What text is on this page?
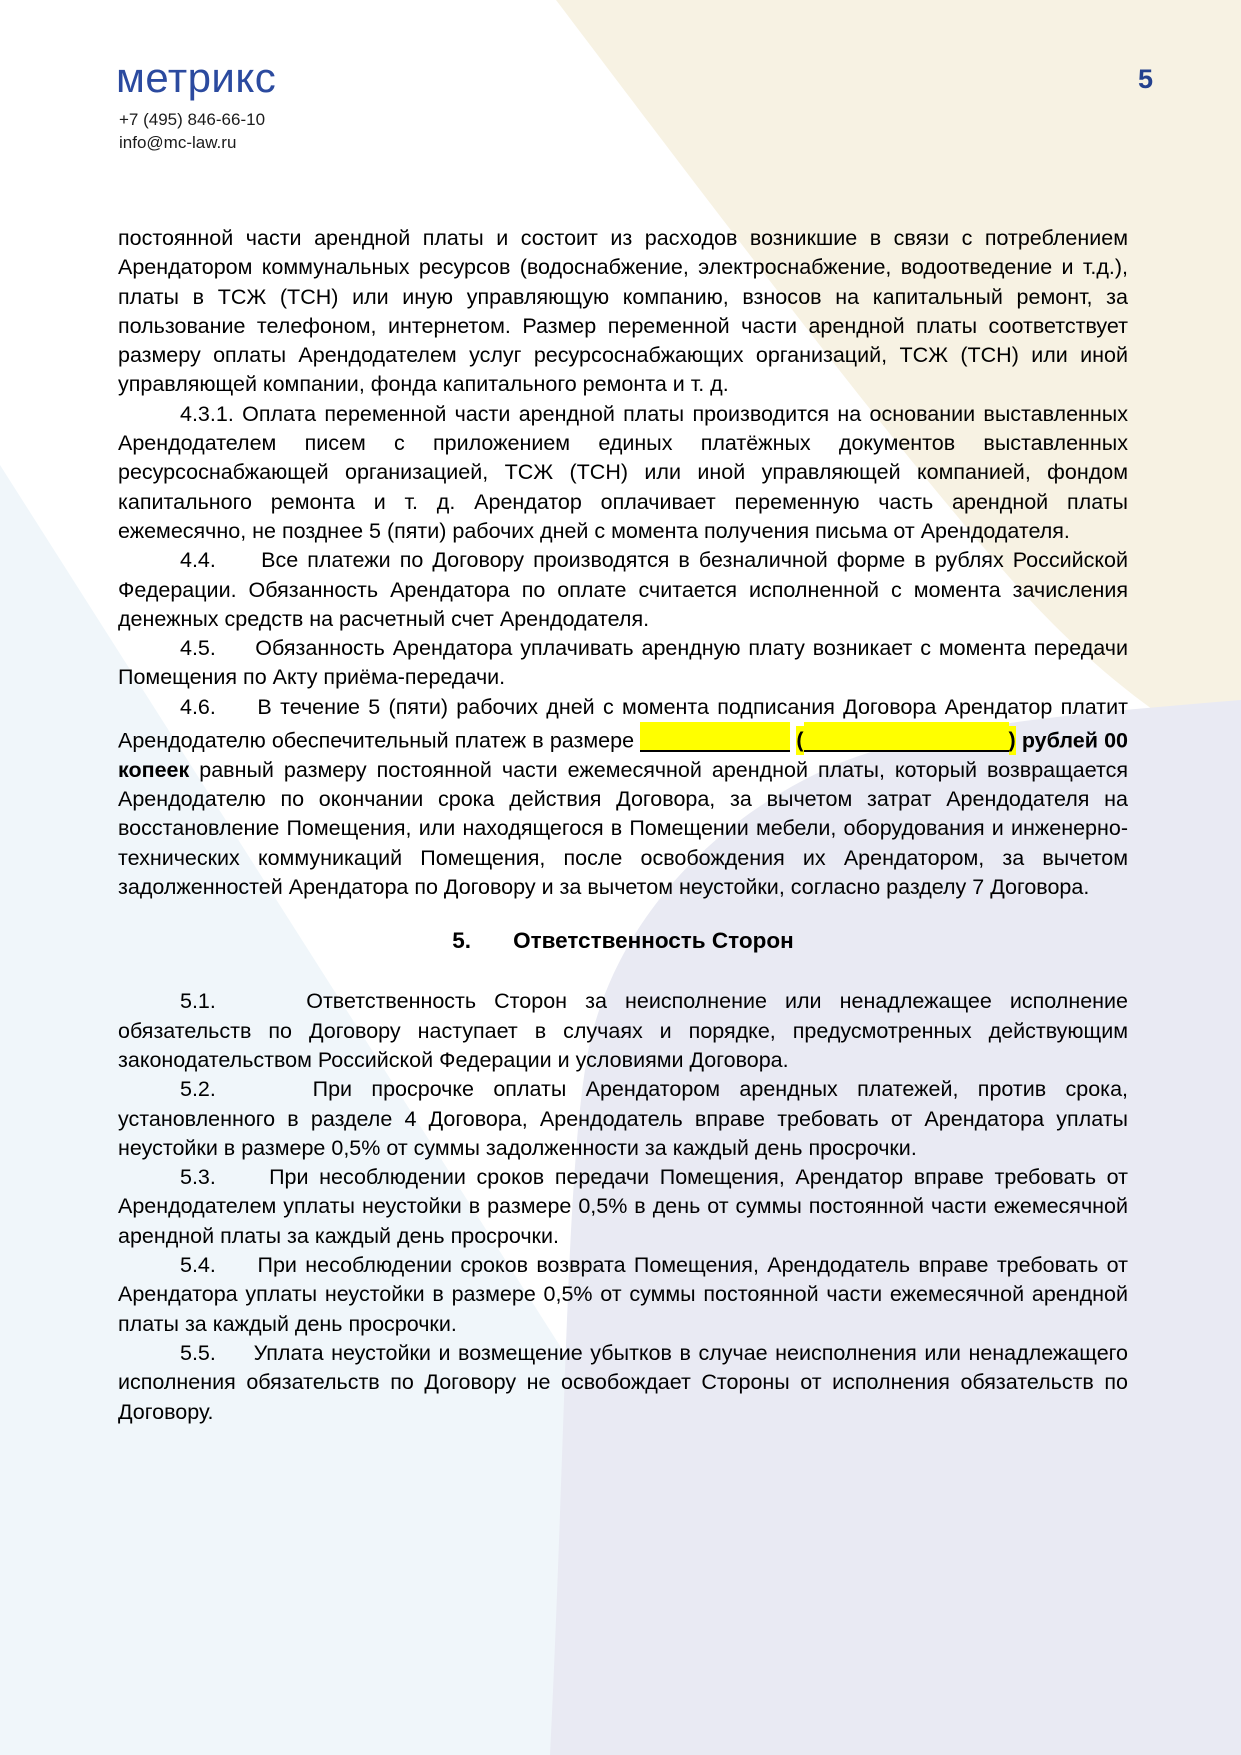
метрикс
+7 (495) 846-66-10
info@mc-law.ru
5

постоянной части арендной платы и состоит из расходов возникшие в связи с потреблением Арендатором коммунальных ресурсов (водоснабжение, электроснабжение, водоотведение и т.д.), платы в ТСЖ (ТСН) или иную управляющую компанию, взносов на капитальный ремонт, за пользование телефоном, интернетом. Размер переменной части арендной платы соответствует размеру оплаты Арендодателем услуг ресурсоснабжающих организаций, ТСЖ (ТСН) или иной управляющей компании, фонда капитального ремонта и т. д.

4.3.1. Оплата переменной части арендной платы производится на основании выставленных Арендодателем писем с приложением единых платёжных документов выставленных ресурсоснабжающей организацией, ТСЖ (ТСН) или иной управляющей компанией, фондом капитального ремонта и т. д. Арендатор оплачивает переменную часть арендной платы ежемесячно, не позднее 5 (пяти) рабочих дней с момента получения письма от Арендодателя.

4.4.     Все платежи по Договору производятся в безналичной форме в рублях Российской Федерации. Обязанность Арендатора по оплате считается исполненной с момента зачисления денежных средств на расчетный счет Арендодателя.

4.5.     Обязанность Арендатора уплачивать арендную плату возникает с момента передачи Помещения по Акту приёма-передачи.

4.6.     В течение 5 (пяти) рабочих дней с момента подписания Договора Арендатор платит Арендодателю обеспечительный платеж в размере	(	) рублей 00 копеек равный размеру постоянной части ежемесячной арендной платы, который возвращается Арендодателю по окончании срока действия Договора, за вычетом затрат Арендодателя на восстановление Помещения, или находящегося в Помещении мебели, оборудования и инженерно-технических коммуникаций Помещения, после освобождения их Арендатором, за вычетом задолженностей Арендатора по Договору и за вычетом неустойки, согласно разделу 7 Договора.

5. Ответственность Сторон

5.1.     Ответственность Сторон за неисполнение или ненадлежащее исполнение обязательств по Договору наступает в случаях и порядке, предусмотренных действующим законодательством Российской Федерации и условиями Договора.

5.2.     При просрочке оплаты Арендатором арендных платежей, против срока, установленного в разделе 4 Договора, Арендодатель вправе требовать от Арендатора уплаты неустойки в размере 0,5% от суммы задолженности за каждый день просрочки.

5.3.     При несоблюдении сроков передачи Помещения, Арендатор вправе требовать от Арендодателем уплаты неустойки в размере 0,5% в день от суммы постоянной части ежемесячной арендной платы за каждый день просрочки.

5.4.     При несоблюдении сроков возврата Помещения, Арендодатель вправе требовать от Арендатора уплаты неустойки в размере 0,5% от суммы постоянной части ежемесячной арендной платы за каждый день просрочки.

5.5.     Уплата неустойки и возмещение убытков в случае неисполнения или ненадлежащего исполнения обязательств по Договору не освобождает Стороны от исполнения обязательств по Договору.
